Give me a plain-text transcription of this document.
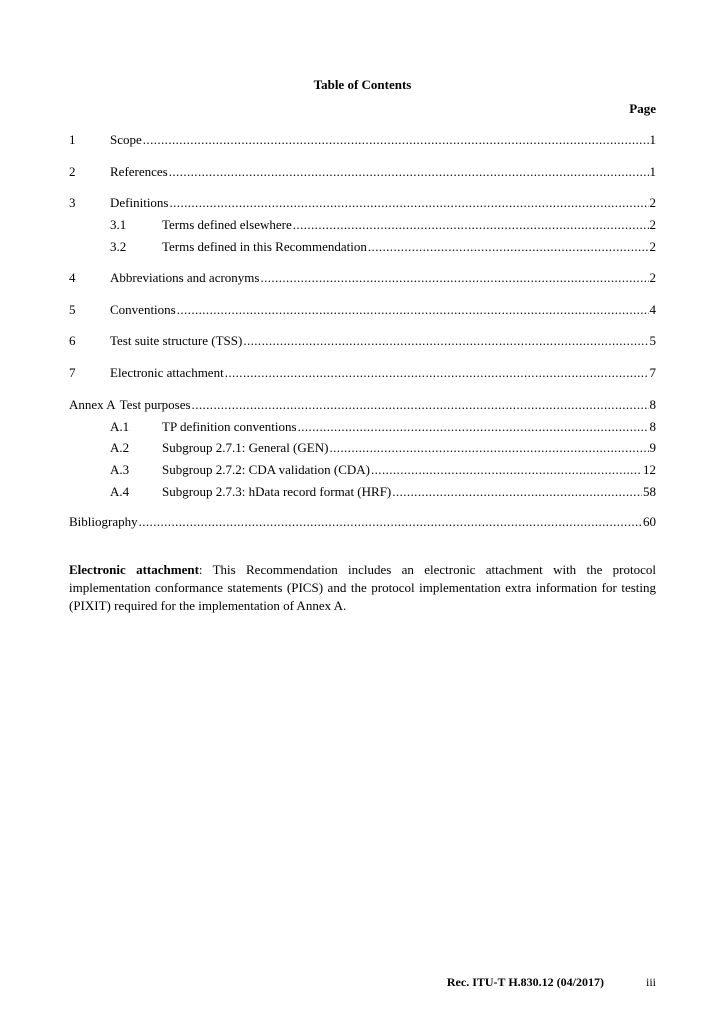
Table of Contents
Page
1	Scope .....	1
2	References .....	1
3	Definitions .....	2
3.1	Terms defined elsewhere .....	2
3.2	Terms defined in this Recommendation .....	2
4	Abbreviations and acronyms .....	2
5	Conventions .....	4
6	Test suite structure (TSS) .....	5
7	Electronic attachment .....	7
Annex A Test purposes .....	8
A.1	TP definition conventions .....	8
A.2	Subgroup 2.7.1: General (GEN) .....	9
A.3	Subgroup 2.7.2: CDA validation (CDA) .....	12
A.4	Subgroup 2.7.3: hData record format (HRF) .....	58
Bibliography .....	60
Electronic attachment: This Recommendation includes an electronic attachment with the protocol implementation conformance statements (PICS) and the protocol implementation extra information for testing (PIXIT) required for the implementation of Annex A.
Rec. ITU-T H.830.12 (04/2017)	iii
